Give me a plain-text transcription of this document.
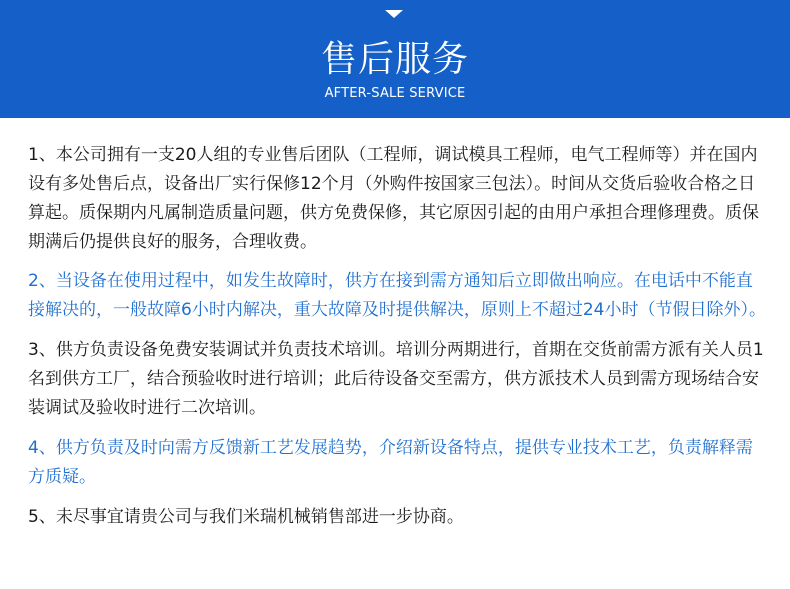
售后服务
AFTER-SALE SERVICE

1、本公司拥有一支20人组的专业售后团队（工程师，调试模具工程师，电气工程师等）并在国内设有多处售后点，设备出厂实行保修12个月（外购件按国家三包法）。时间从交货后验收合格之日算起。质保期内凡属制造质量问题，供方免费保修，其它原因引起的由用户承担合理修理费。质保期满后仍提供良好的服务，合理收费。

2、当设备在使用过程中，如发生故障时，供方在接到需方通知后立即做出响应。在电话中不能直接解决的，一般故障6小时内解决，重大故障及时提供解决，原则上不超过24小时（节假日除外）。

3、供方负责设备免费安装调试并负责技术培训。培训分两期进行，首期在交货前需方派有关人员1名到供方工厂，结合预验收时进行培训；此后待设备交至需方，供方派技术人员到需方现场结合安装调试及验收时进行二次培训。

4、供方负责及时向需方反馈新工艺发展趋势，介绍新设备特点，提供专业技术工艺，负责解释需方质疑。

5、未尽事宜请贵公司与我们米瑞机械销售部进一步协商。
